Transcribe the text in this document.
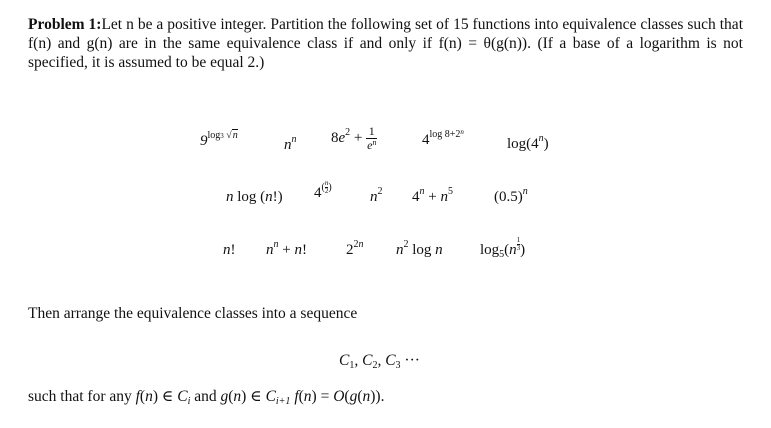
Problem 1:Let n be a positive integer. Partition the following set of 15 functions into equivalence classes such that f(n) and g(n) are in the same equivalence class if and only if f(n) = θ(g(n)). (If a base of a logarithm is not specified, it is assumed to be equal 2.)
$9^{log3 √n}$
$n^n$ $8e^2 + \frac{1}{e^n}$	$4^{log 8+2^n}$
log(4$^n$)
n log (n!) $4^{( \frac{n}{2} )}$
$n^2$ $4^n + n^5$	$(0.5)^n$
n! $n^n + n$!	$2^{2n}$ $n^2$ log n $\log_5(n$ $^{\frac{1}{3}}$ )
Then arrange the equivalence classes into a sequence
C1, C2, C3 ···
such that for any f(n) ∈ Ci and g(n) ∈ Ci+1 f(n) = O(g(n)).
